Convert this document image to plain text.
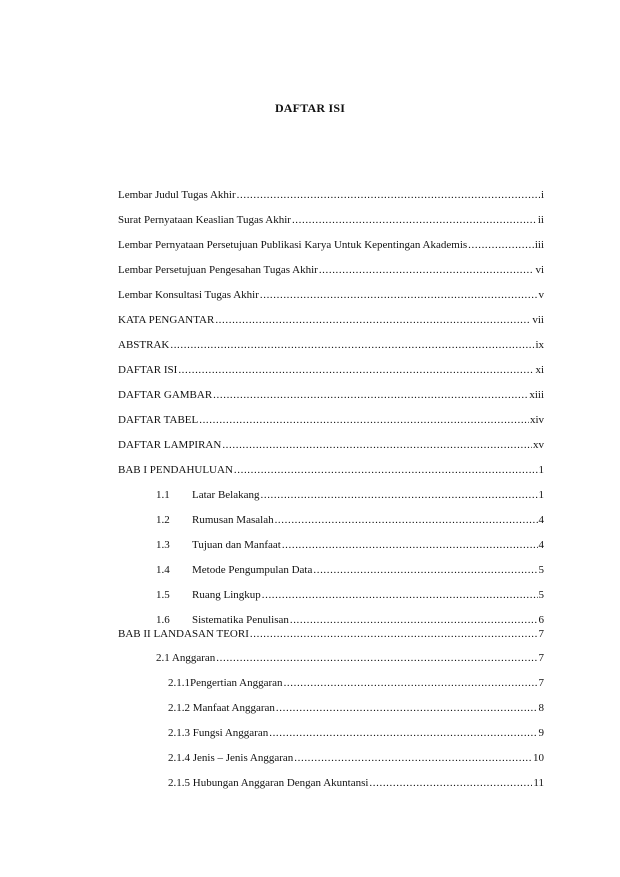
DAFTAR ISI
Lembar Judul Tugas Akhir .....	i
Surat Pernyataan Keaslian Tugas Akhir .....	ii
Lembar Pernyataan Persetujuan Publikasi Karya Untuk Kepentingan Akademis .....	iii
Lembar Persetujuan Pengesahan Tugas Akhir .....	vi
Lembar Konsultasi Tugas Akhir .....	v
KATA PENGANTAR .....	vii
ABSTRAK .....	ix
DAFTAR ISI .....	xi
DAFTAR GAMBAR .....	xiii
DAFTAR TABEL .....	xiv
DAFTAR LAMPIRAN .....	xv
BAB I PENDAHULUAN .....	1
1.1	Latar Belakang .....	1
1.2	Rumusan Masalah .....	4
1.3	Tujuan dan Manfaat .....	4
1.4	Metode Pengumpulan Data .....	5
1.5	Ruang Lingkup .....	5
1.6	Sistematika Penulisan .....	6
BAB II LANDASAN TEORI .....	7
2.1 Anggaran .....	7
2.1.1Pengertian Anggaran .....	7
2.1.2 Manfaat Anggaran .....	8
2.1.3 Fungsi Anggaran .....	9
2.1.4 Jenis – Jenis Anggaran .....	10
2.1.5 Hubungan Anggaran Dengan Akuntansi .....	11
